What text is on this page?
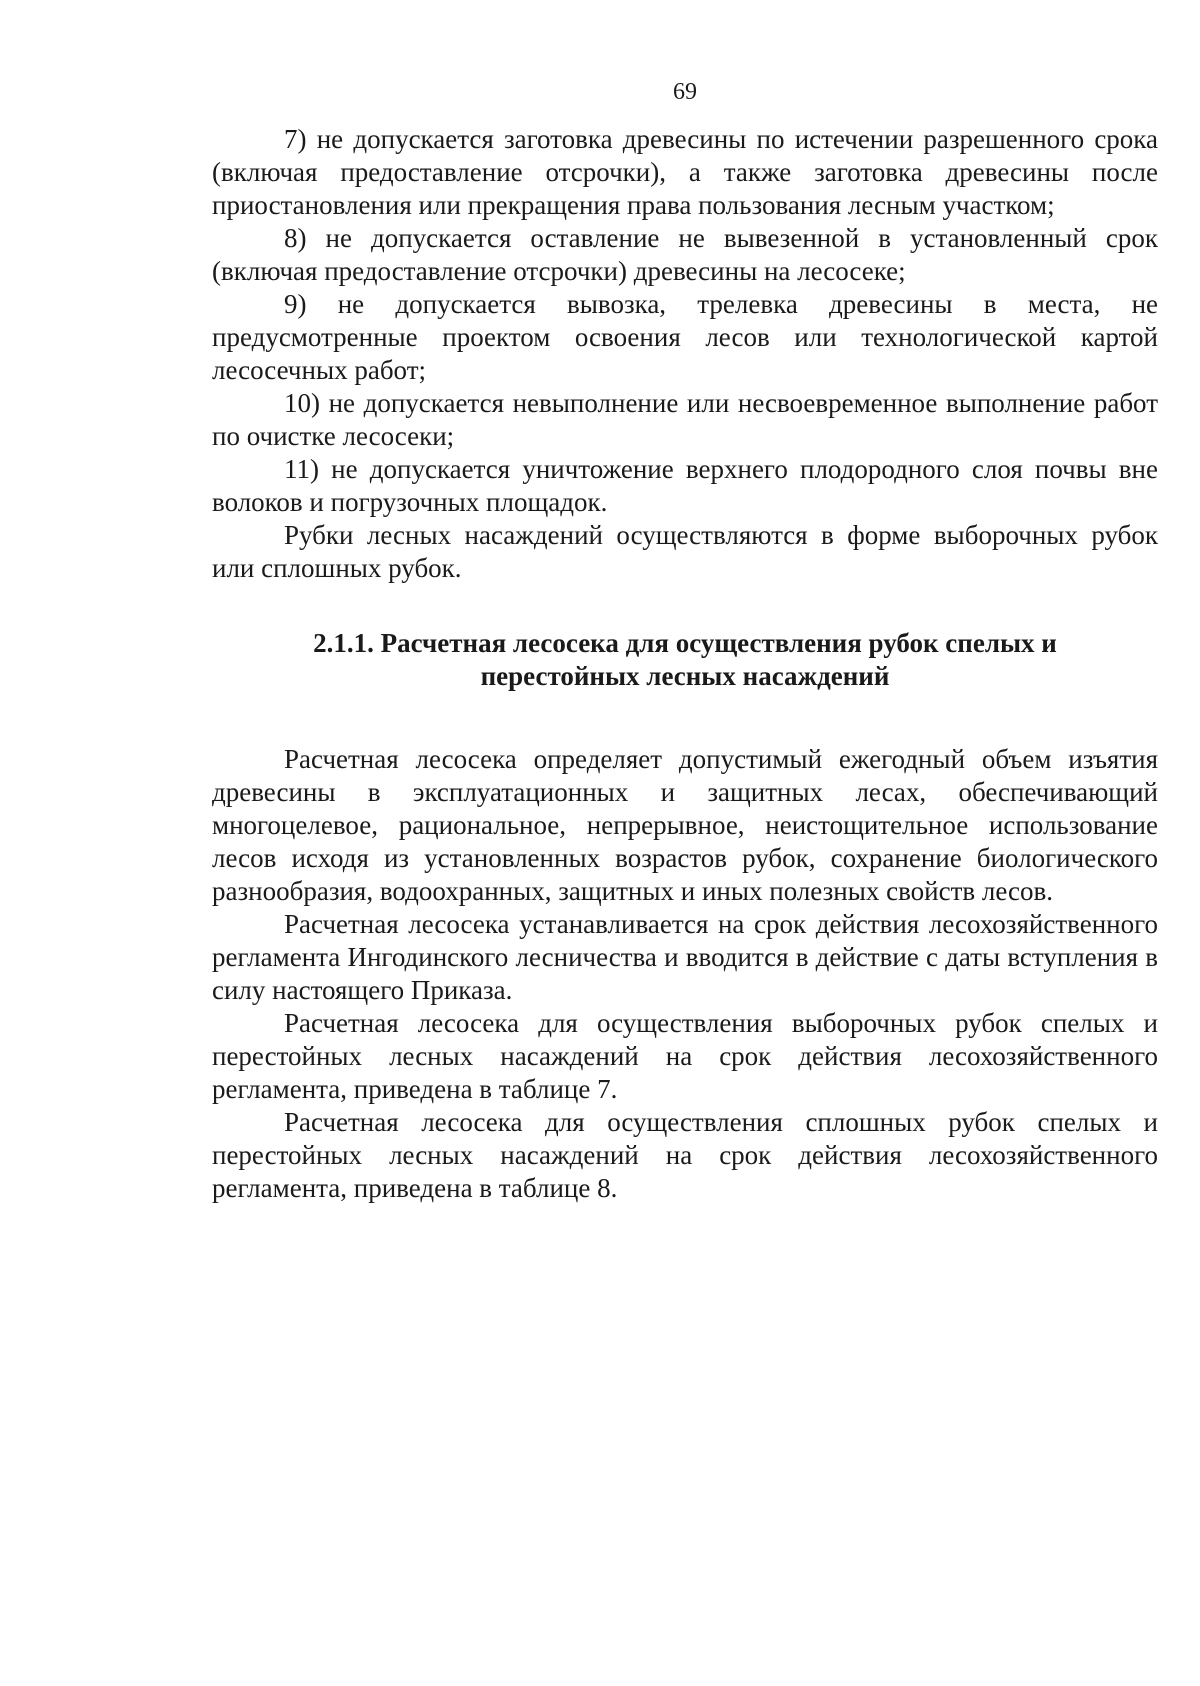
69

7) не допускается заготовка древесины по истечении разрешенного срока (включая предоставление отсрочки), а также заготовка древесины после приостановления или прекращения права пользования лесным участком;

8) не допускается оставление не вывезенной в установленный срок (включая предоставление отсрочки) древесины на лесосеке;

9) не допускается вывозка, трелевка древесины в места, не предусмотренные проектом освоения лесов или технологической картой лесосечных работ;

10) не допускается невыполнение или несвоевременное выполнение работ по очистке лесосеки;

11) не допускается уничтожение верхнего плодородного слоя почвы вне волоков и погрузочных площадок.

Рубки лесных насаждений осуществляются в форме выборочных рубок или сплошных рубок.

2.1.1. Расчетная лесосека для осуществления рубок спелых и
перестойных лесных насаждений

Расчетная лесосека определяет допустимый ежегодный объем изъятия древесины в эксплуатационных и защитных лесах, обеспечивающий многоцелевое, рациональное, непрерывное, неистощительное использование лесов исходя из установленных возрастов рубок, сохранение биологического разнообразия, водоохранных, защитных и иных полезных свойств лесов.

Расчетная лесосека устанавливается на срок действия лесохозяйственного регламента Ингодинского лесничества и вводится в действие с даты вступления в силу настоящего Приказа.

Расчетная лесосека для осуществления выборочных рубок спелых и перестойных лесных насаждений на срок действия лесохозяйственного регламента, приведена в таблице 7.

Расчетная лесосека для осуществления сплошных рубок спелых и перестойных лесных насаждений на срок действия лесохозяйственного регламента, приведена в таблице 8.
